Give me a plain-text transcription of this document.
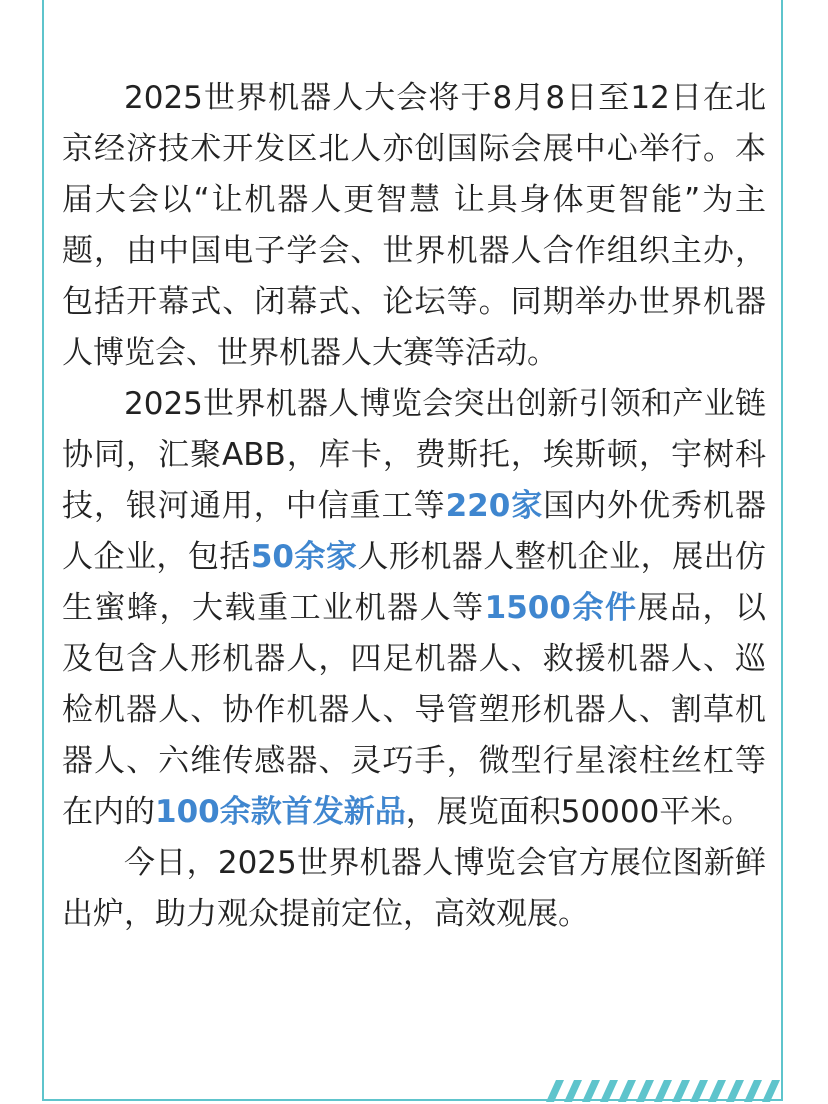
2025世界机器人大会将于8月8日至12日在北京经济技术开发区北人亦创国际会展中心举行。本届大会以“让机器人更智慧 让具身体更智能”为主题，由中国电子学会、世界机器人合作组织主办，包括开幕式、闭幕式、论坛等。同期举办世界机器人博览会、世界机器人大赛等活动。

2025世界机器人博览会突出创新引领和产业链协同，汇聚ABB，库卡，费斯托，埃斯顿，宇树科技，银河通用，中信重工等220家国内外优秀机器人企业，包括50余家人形机器人整机企业，展出仿生蜜蜂，大载重工业机器人等1500余件展品，以及包含人形机器人，四足机器人、救援机器人、巡检机器人、协作机器人、导管塑形机器人、割草机器人、六维传感器、灵巧手，微型行星滚柱丝杠等在内的100余款首发新品，展览面积50000平米。

今日，2025世界机器人博览会官方展位图新鲜出炉，助力观众提前定位，高效观展。
